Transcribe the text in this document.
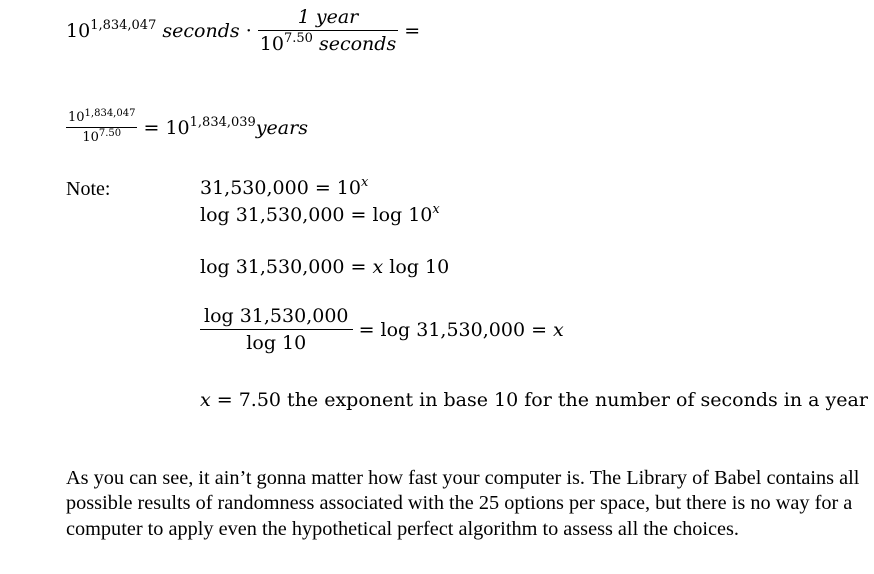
10$^{1,834,047}$ seconds · $\frac{\text{1 year}}{10^{7.50} seconds}$ =
$\frac{10^{1,834,047}}{10^{7.50}}$ = $10^{1,834,039}years$
Note:	$31,530,000 = 10^x$
log 31,530,000 = log 10$^x$
log 31,530,000 = x log 10
$\frac{\log 31,530,000}{\log 10} = \log 31,530,000 = x$
x = 7.50 the exponent in base 10 for the number of seconds in a year
As you can see, it ain’t gonna matter how fast your computer is. The Library of Babel contains all possible results of randomness associated with the 25 options per space, but there is no way for a computer to apply even the hypothetical perfect algorithm to assess all the choices.
